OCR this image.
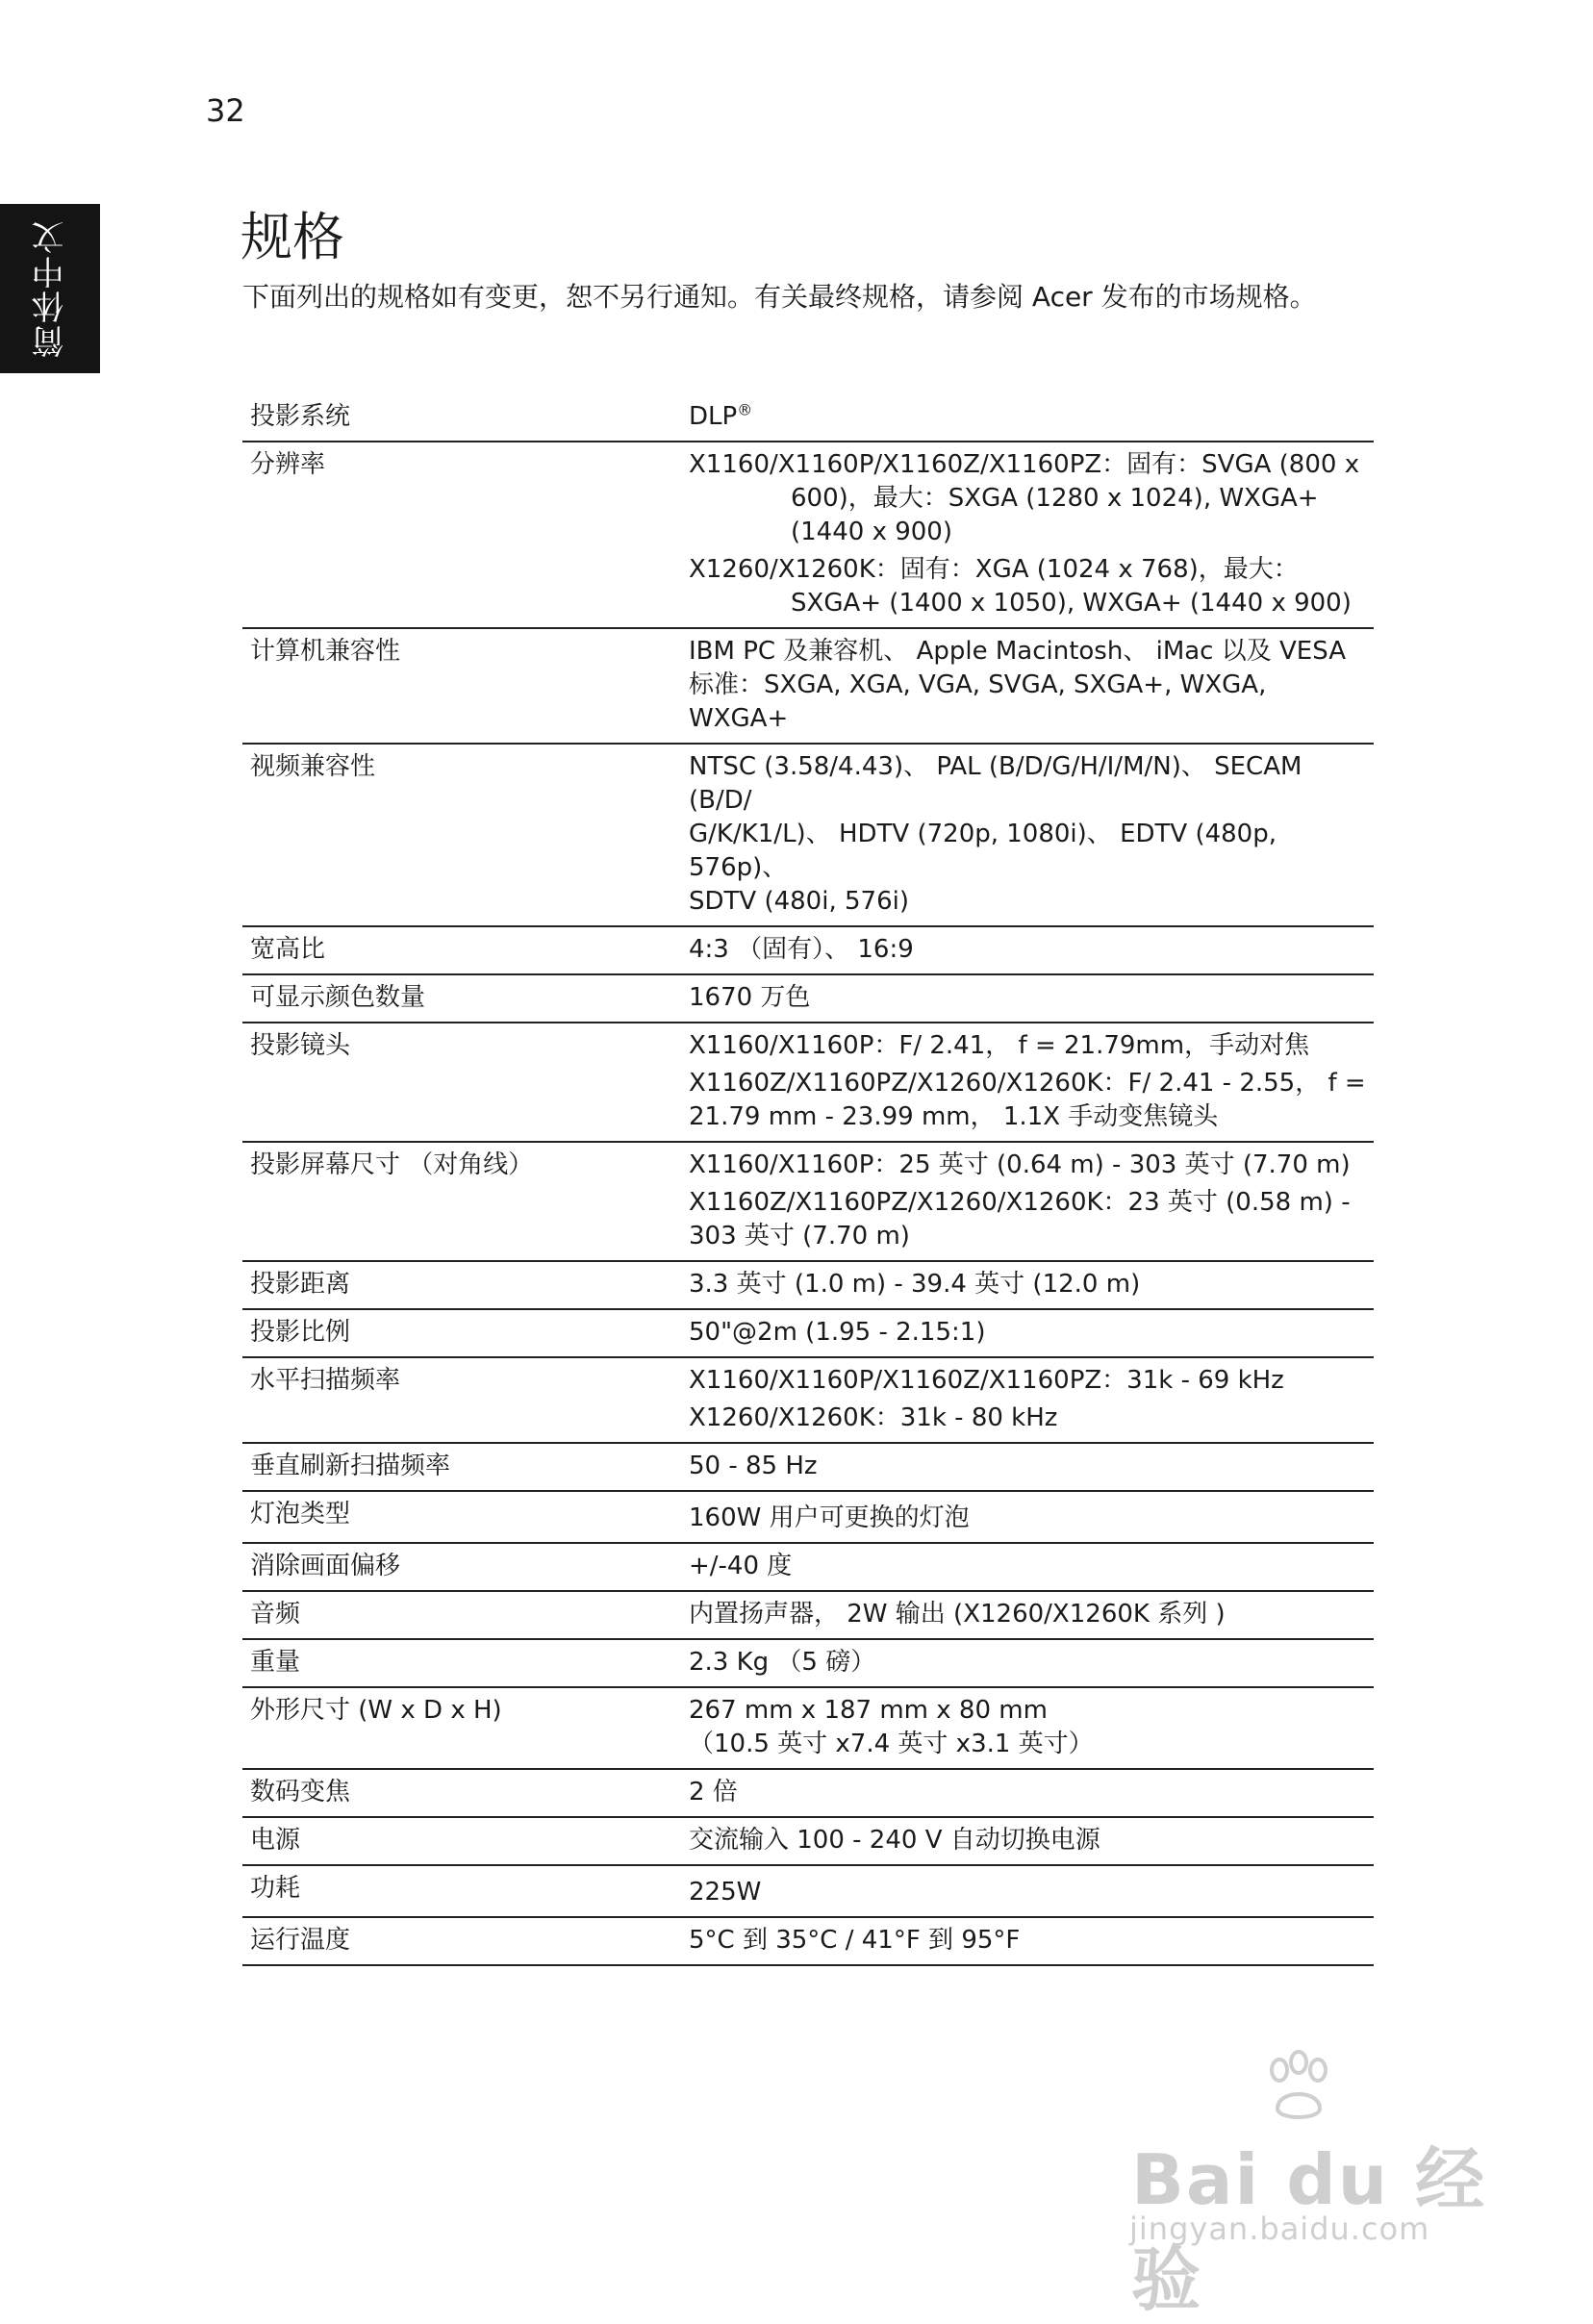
32
简体中文	规格

下面列出的规格如有变更，恕不另行通知。有关最终规格，请参阅 Acer 发布的市场规格。

投影系统	DLP®

分辨率	X1160/X1160P/X1160Z/X1160PZ：固有：SVGA (800 x
600)，最大：SXGA (1280 x 1024), WXGA+
(1440 x 900)
X1260/X1260K：固有：XGA (1024 x 768)，最大：
SXGA+ (1400 x 1050), WXGA+ (1440 x 900)

计算机兼容性	IBM PC 及兼容机、 Apple Macintosh、 iMac 以及 VESA
标准：SXGA, XGA, VGA, SVGA, SXGA+, WXGA,
WXGA+

视频兼容性	NTSC (3.58/4.43)、 PAL (B/D/G/H/I/M/N)、 SECAM (B/D/
G/K/K1/L)、 HDTV (720p, 1080i)、 EDTV (480p, 576p)、
SDTV (480i, 576i)

宽高比	4:3 （固有）、 16:9

可显示颜色数量	1670 万色

投影镜头	X1160/X1160P：F/ 2.41， f = 21.79mm，手动对焦
X1160Z/X1160PZ/X1260/X1260K：F/ 2.41 - 2.55， f =
21.79 mm - 23.99 mm， 1.1X 手动变焦镜头

投影屏幕尺寸 （对角线）	X1160/X1160P：25 英寸 (0.64 m) - 303 英寸 (7.70 m)
X1160Z/X1160PZ/X1260/X1260K：23 英寸 (0.58 m) -
303 英寸 (7.70 m)

投影距离	3.3 英寸 (1.0 m) - 39.4 英寸 (12.0 m)

投影比例	50"@2m (1.95 - 2.15:1)

水平扫描频率	X1160/X1160P/X1160Z/X1160PZ：31k - 69 kHz
X1260/X1260K：31k - 80 kHz

垂直刷新扫描频率	50 - 85 Hz

灯泡类型	160W 用户可更换的灯泡

消除画面偏移	+/-40 度

音频	内置扬声器， 2W 输出 (X1260/X1260K 系列 )

重量	2.3 Kg （5 磅）

外形尺寸 (W x D x H)	267 mm x 187 mm x 80 mm
（10.5 英寸 x7.4 英寸 x3.1 英寸）

数码变焦	2 倍

电源	交流输入 100 - 240 V 自动切换电源

功耗	225W

运行温度	5°C 到 35°C / 41°F 到 95°F
Bai du 经验
jingyan.baidu.com
